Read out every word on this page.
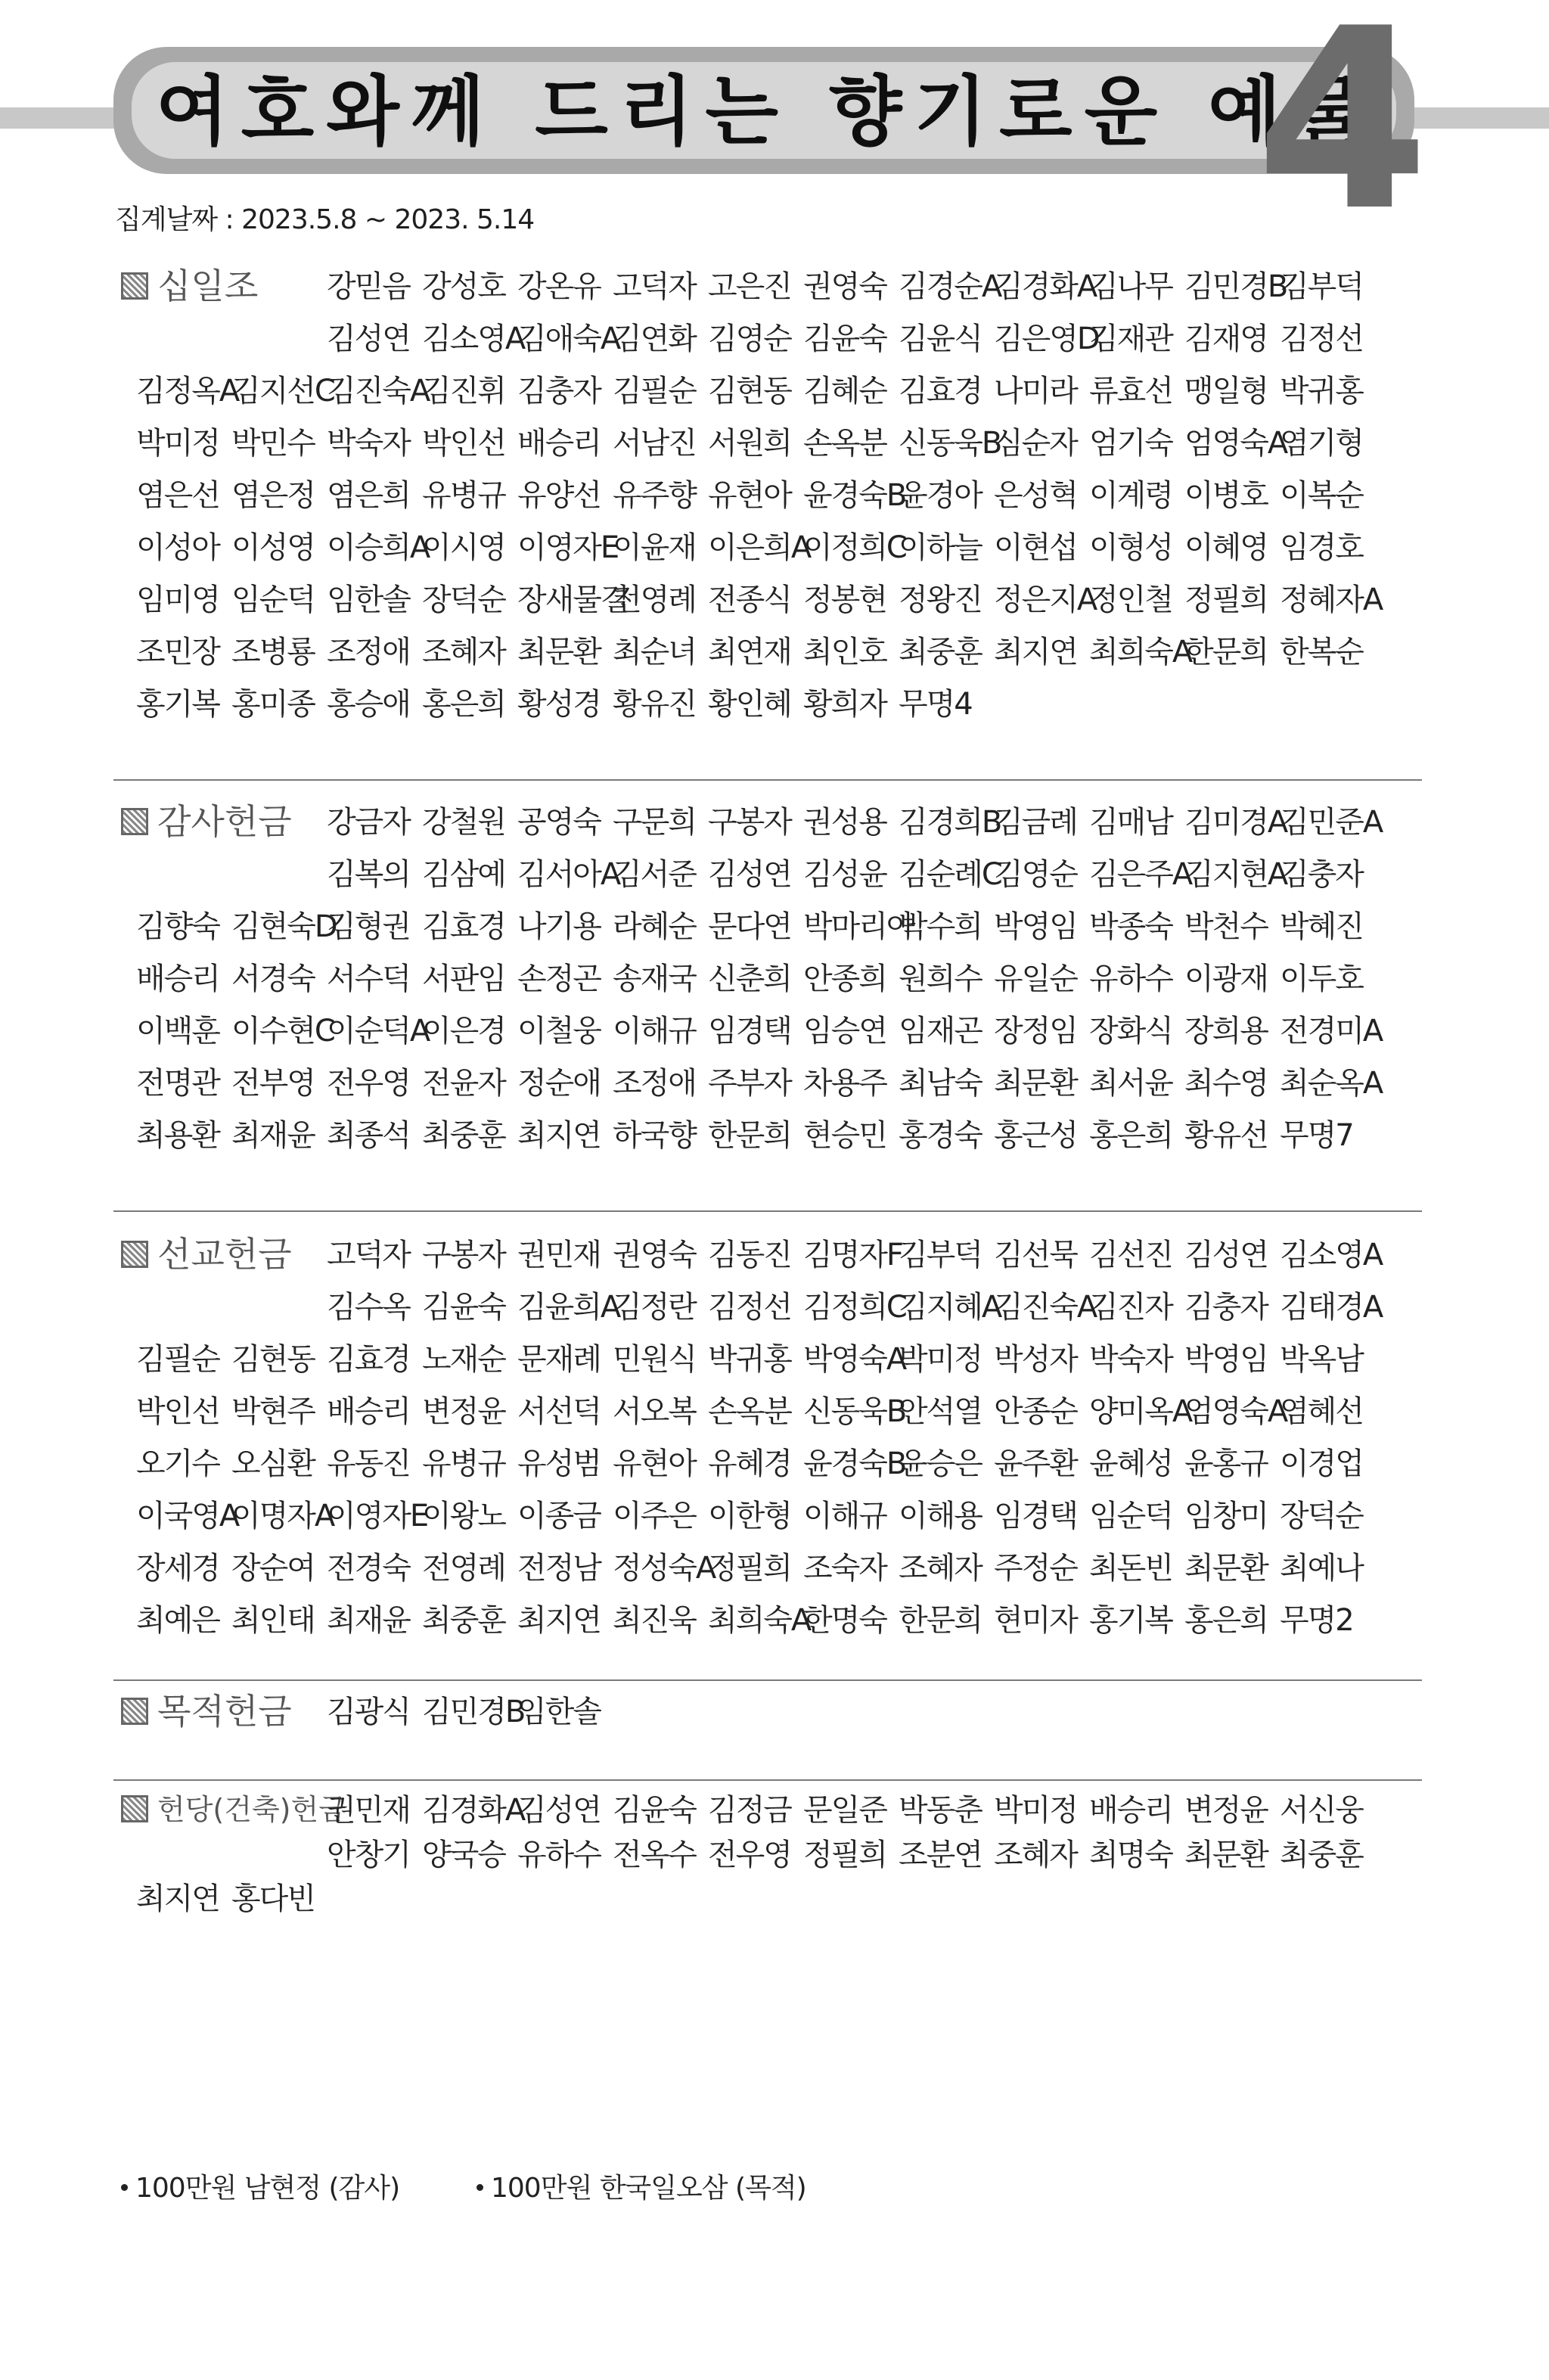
여호와께 드리는 향기로운 예물
4
집계날짜 : 2023.5.8 ~ 2023. 5.14
십일조 강믿음 강성호 강온유 고덕자 고은진 권영숙 김경순A
김경화A
김나무 김민경B
김부덕
김성연 김소영A
김애숙A
김연화 김영순 김윤숙 김윤식 김은영D
김재관 김재영 김정선
김정옥A
김지선C
김진숙A
김진휘 김충자 김필순 김현동 김혜순 김효경 나미라 류효선 맹일형 박귀홍
박미정 박민수 박숙자 박인선 배승리 서남진 서원희 손옥분 신동욱B
심순자 엄기숙 엄영숙A
염기형
염은선 염은정 염은희 유병규 유양선 유주향 유현아 윤경숙B
윤경아 은성혁 이계령 이병호 이복순
이성아 이성영 이승희A
이시영 이영자E
이윤재 이은희A
이정희C
이하늘 이현섭 이형성 이혜영 임경호
임미영 임순덕 임한솔 장덕순 장새물결
전영례 전종식 정봉현 정왕진 정은지A
정인철 정필희 정혜자A
조민장 조병룡 조정애 조혜자 최문환 최순녀 최연재 최인호 최중훈 최지연 최희숙A
한문희 한복순
홍기복 홍미종 홍승애 홍은희 황성경 황유진 황인혜 황희자 무명4
감사헌금 강금자 강철원 공영숙 구문희 구봉자 권성용 김경희B
김금례 김매남 김미경A
김민준A
김복의 김삼예 김서아A
김서준 김성연 김성윤 김순례C
김영순 김은주A
김지현A
김충자
김향숙 김현숙D
김형권 김효경 나기용 라혜순 문다연 박마리아
박수희 박영임 박종숙 박천수 박혜진
배승리 서경숙 서수덕 서판임 손정곤 송재국 신춘희 안종희 원희수 유일순 유하수 이광재 이두호
이백훈 이수현C
이순덕A
이은경 이철웅 이해규 임경택 임승연 임재곤 장정임 장화식 장희용 전경미A
전명관 전부영 전우영 전윤자 정순애 조정애 주부자 차용주 최남숙 최문환 최서윤 최수영 최순옥A
최용환 최재윤 최종석 최중훈 최지연 하국향 한문희 현승민 홍경숙 홍근성 홍은희 황유선 무명7
선교헌금 고덕자 구봉자 권민재 권영숙 김동진 김명자F
김부덕 김선묵 김선진 김성연 김소영A
김수옥 김윤숙 김윤희A
김정란 김정선 김정희C
김지혜A
김진숙A
김진자 김충자 김태경A
김필순 김현동 김효경 노재순 문재례 민원식 박귀홍 박영숙A
박미정 박성자 박숙자 박영임 박옥남
박인선 박현주 배승리 변정윤 서선덕 서오복 손옥분 신동욱B
안석열 안종순 양미옥A
엄영숙A
염혜선
오기수 오심환 유동진 유병규 유성범 유현아 유혜경 윤경숙B
윤승은 윤주환 윤혜성 윤홍규 이경업
이국영A
이명자A
이영자E
이왕노 이종금 이주은 이한형 이해규 이해용 임경택 임순덕 임창미 장덕순
장세경 장순여 전경숙 전영례 전정남 정성숙A
정필희 조숙자 조혜자 주정순 최돈빈 최문환 최예나
최예은 최인태 최재윤 최중훈 최지연 최진욱 최희숙A
한명숙 한문희 현미자 홍기복 홍은희 무명2
목적헌금 김광식 김민경B
임한솔
헌당(건축)헌금
권민재 김경화A
김성연 김윤숙 김정금 문일준 박동춘 박미정 배승리 변정윤 서신웅
안창기 양국승 유하수 전옥수 전우영 정필희 조분연 조혜자 최명숙 최문환 최중훈
최지연 홍다빈
100만원 남현정 (감사)	100만원 한국일오삼 (목적)
